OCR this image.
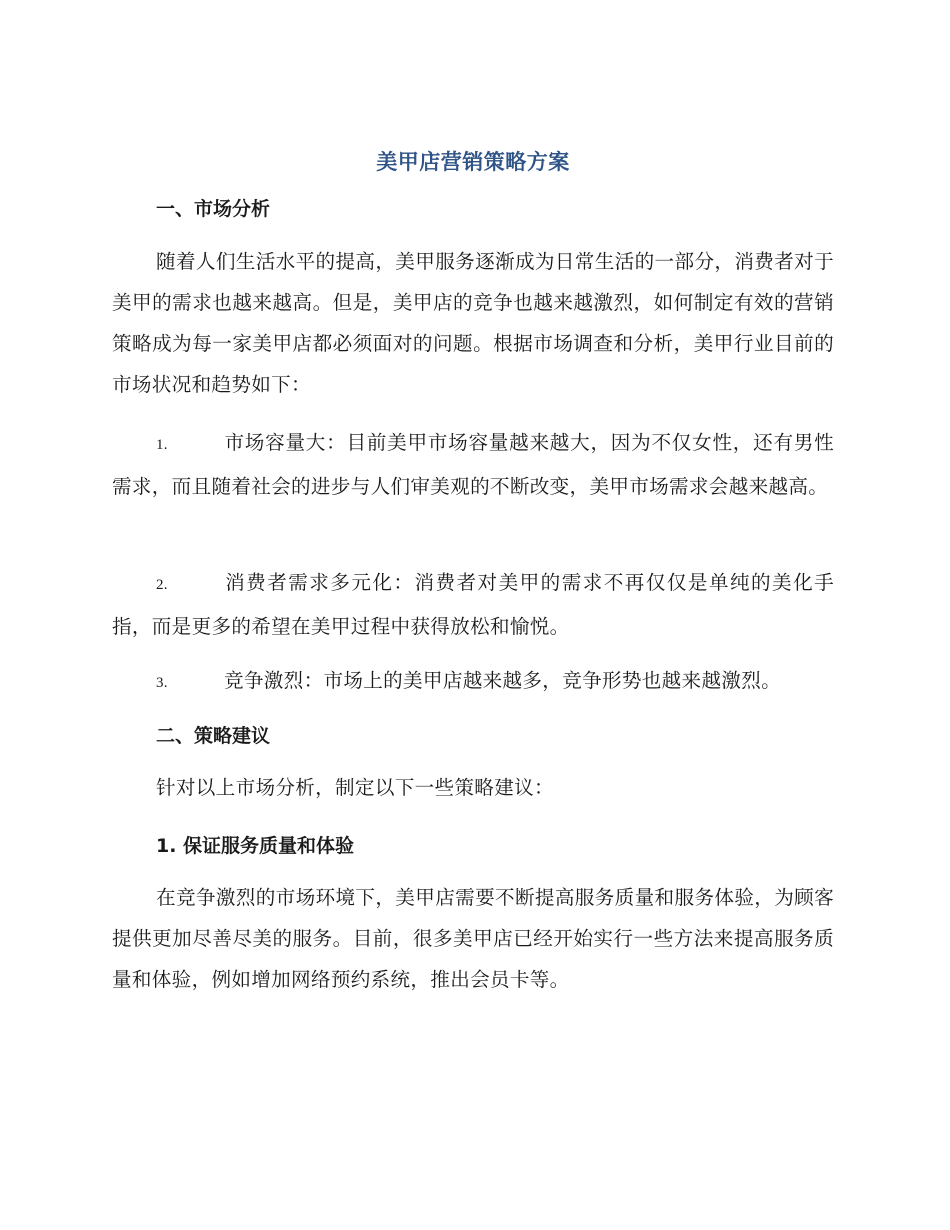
美甲店营销策略方案
一、市场分析
随着人们生活水平的提高，美甲服务逐渐成为日常生活的一部分，消费者对于美甲的需求也越来越高。但是，美甲店的竞争也越来越激烈，如何制定有效的营销策略成为每一家美甲店都必须面对的问题。根据市场调查和分析，美甲行业目前的市场状况和趋势如下：
1.	市场容量大：目前美甲市场容量越来越大，因为不仅女性，还有男性需求，而且随着社会的进步与人们审美观的不断改变，美甲市场需求会越来越高。
2.	消费者需求多元化：消费者对美甲的需求不再仅仅是单纯的美化手指，而是更多的希望在美甲过程中获得放松和愉悦。
3.	竞争激烈：市场上的美甲店越来越多，竞争形势也越来越激烈。
二、策略建议
针对以上市场分析，制定以下一些策略建议：
1. 保证服务质量和体验
在竞争激烈的市场环境下，美甲店需要不断提高服务质量和服务体验，为顾客提供更加尽善尽美的服务。目前，很多美甲店已经开始实行一些方法来提高服务质量和体验，例如增加网络预约系统，推出会员卡等。
